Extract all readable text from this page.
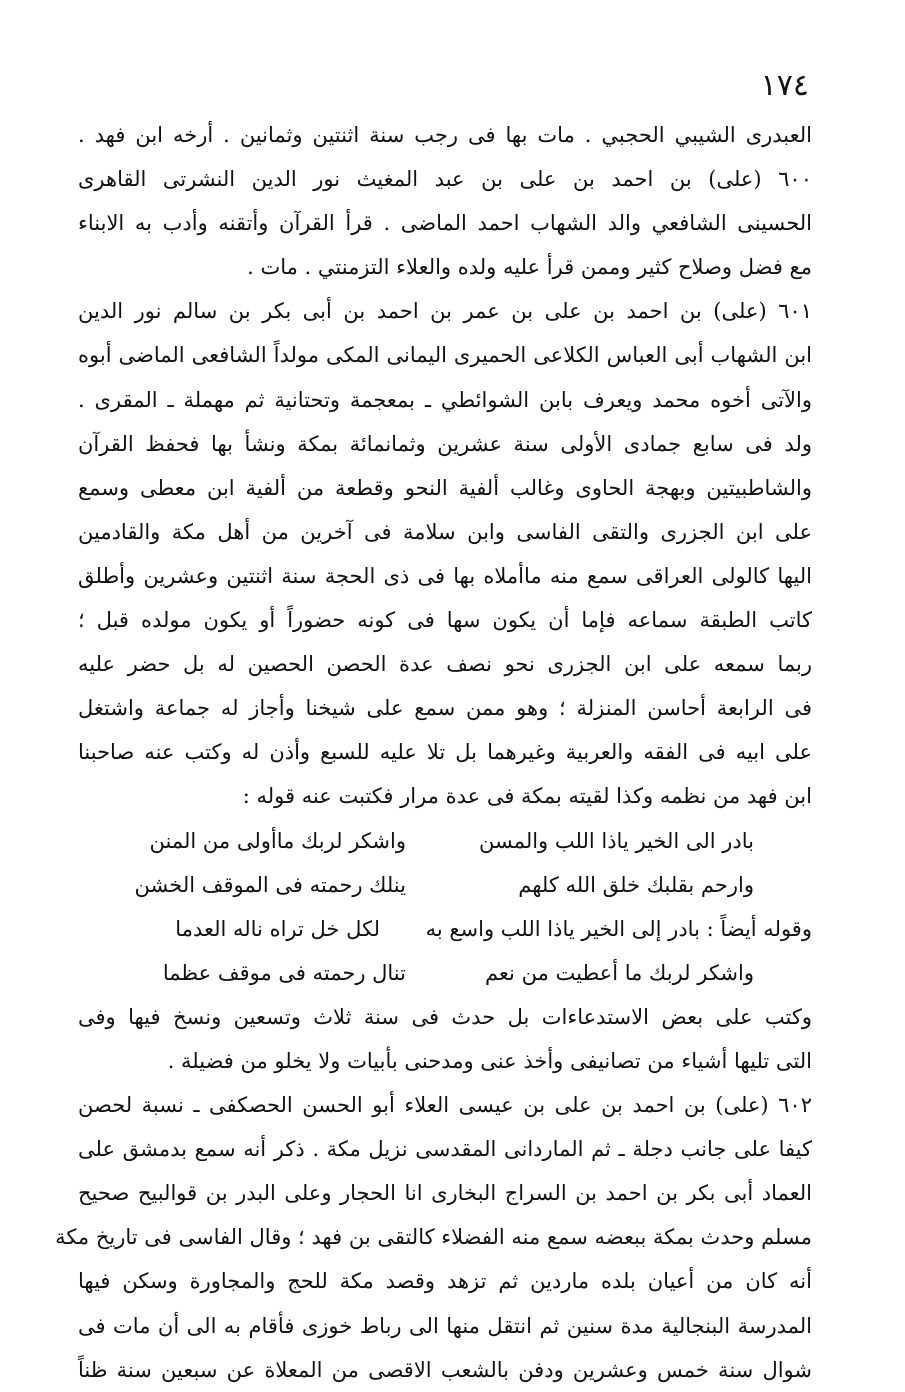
١٧٤
العبدرى الشيبي الحجبي . مات بها فى رجب سنة اثنتين وثمانين . أرخه ابن فهد .
٦٠٠ (على) بن احمد بن على بن عبد المغيث نور الدين النشرتى القاهرى
الحسينى الشافعي والد الشهاب احمد الماضى . قرأ القرآن وأتقنه وأدب به الابناء
مع فضل وصلاح كثير وممن قرأ عليه ولده والعلاء التزمنتي . مات .
٦٠١ (على) بن احمد بن على بن عمر بن احمد بن أبى بكر بن سالم نور الدين
ابن الشهاب أبى العباس الكلاعى الحميرى اليمانى المكى مولداً الشافعى الماضى أبوه
والآتى أخوه محمد ويعرف بابن الشوائطي ـ بمعجمة وتحتانية ثم مهملة ـ المقرى .
ولد فى سابع جمادى الأولى سنة عشرين وثمانمائة بمكة ونشأ بها فحفظ القرآن
والشاطبيتين وبهجة الحاوى وغالب ألفية النحو وقطعة من ألفية ابن معطى وسمع
على ابن الجزرى والتقى الفاسى وابن سلامة فى آخرين من أهل مكة والقادمين
اليها كالولى العراقى سمع منه ماأملاه بها فى ذى الحجة سنة اثنتين وعشرين وأطلق
كاتب الطبقة سماعه فإما أن يكون سها فى كونه حضوراً أو يكون مولده قبل ؛
ربما سمعه على ابن الجزرى نحو نصف عدة الحصن الحصين له بل حضر عليه
فى الرابعة أحاسن المنزلة ؛ وهو ممن سمع على شيخنا وأجاز له جماعة واشتغل
على ابيه فى الفقه والعربية وغيرهما بل تلا عليه للسبع وأذن له وكتب عنه صاحبنا
ابن فهد من نظمه وكذا لقيته بمكة فى عدة مرار فكتبت عنه قوله :
بادر الى الخير ياذا اللب والمسن
واشكر لربك ماأولى من المنن
وارحم بقلبك خلق الله كلهم
ينلك رحمته فى الموقف الخشن
وقوله أيضاً : بادر إلى الخير ياذا اللب واسع به
لكل خل تراه ناله العدما
واشكر لربك ما أعطيت من نعم
تنال رحمته فى موقف عظما
وكتب على بعض الاستدعاءات بل حدث فى سنة ثلاث وتسعين ونسخ فيها وفى
التى تليها أشياء من تصانيفى وأخذ عنى ومدحنى بأبيات ولا يخلو من فضيلة .
٦٠٢ (على) بن احمد بن على بن عيسى العلاء أبو الحسن الحصكفى ـ نسبة لحصن
كيفا على جانب دجلة ـ ثم الماردانى المقدسى نزيل مكة . ذكر أنه سمع بدمشق على
العماد أبى بكر بن احمد بن السراج البخارى انا الحجار وعلى البدر بن قوالبيح صحيح
مسلم وحدث بمكة ببعضه سمع منه الفضلاء كالتقى بن فهد ؛ وقال الفاسى فى تاريخ مكة
أنه كان من أعيان بلده ماردين ثم تزهد وقصد مكة للحج والمجاورة وسكن فيها
المدرسة البنجالية مدة سنين ثم انتقل منها الى رباط خوزى فأقام به الى أن مات فى
شوال سنة خمس وعشرين ودفن بالشعب الاقصى من المعلاة عن سبعين سنة ظناً
